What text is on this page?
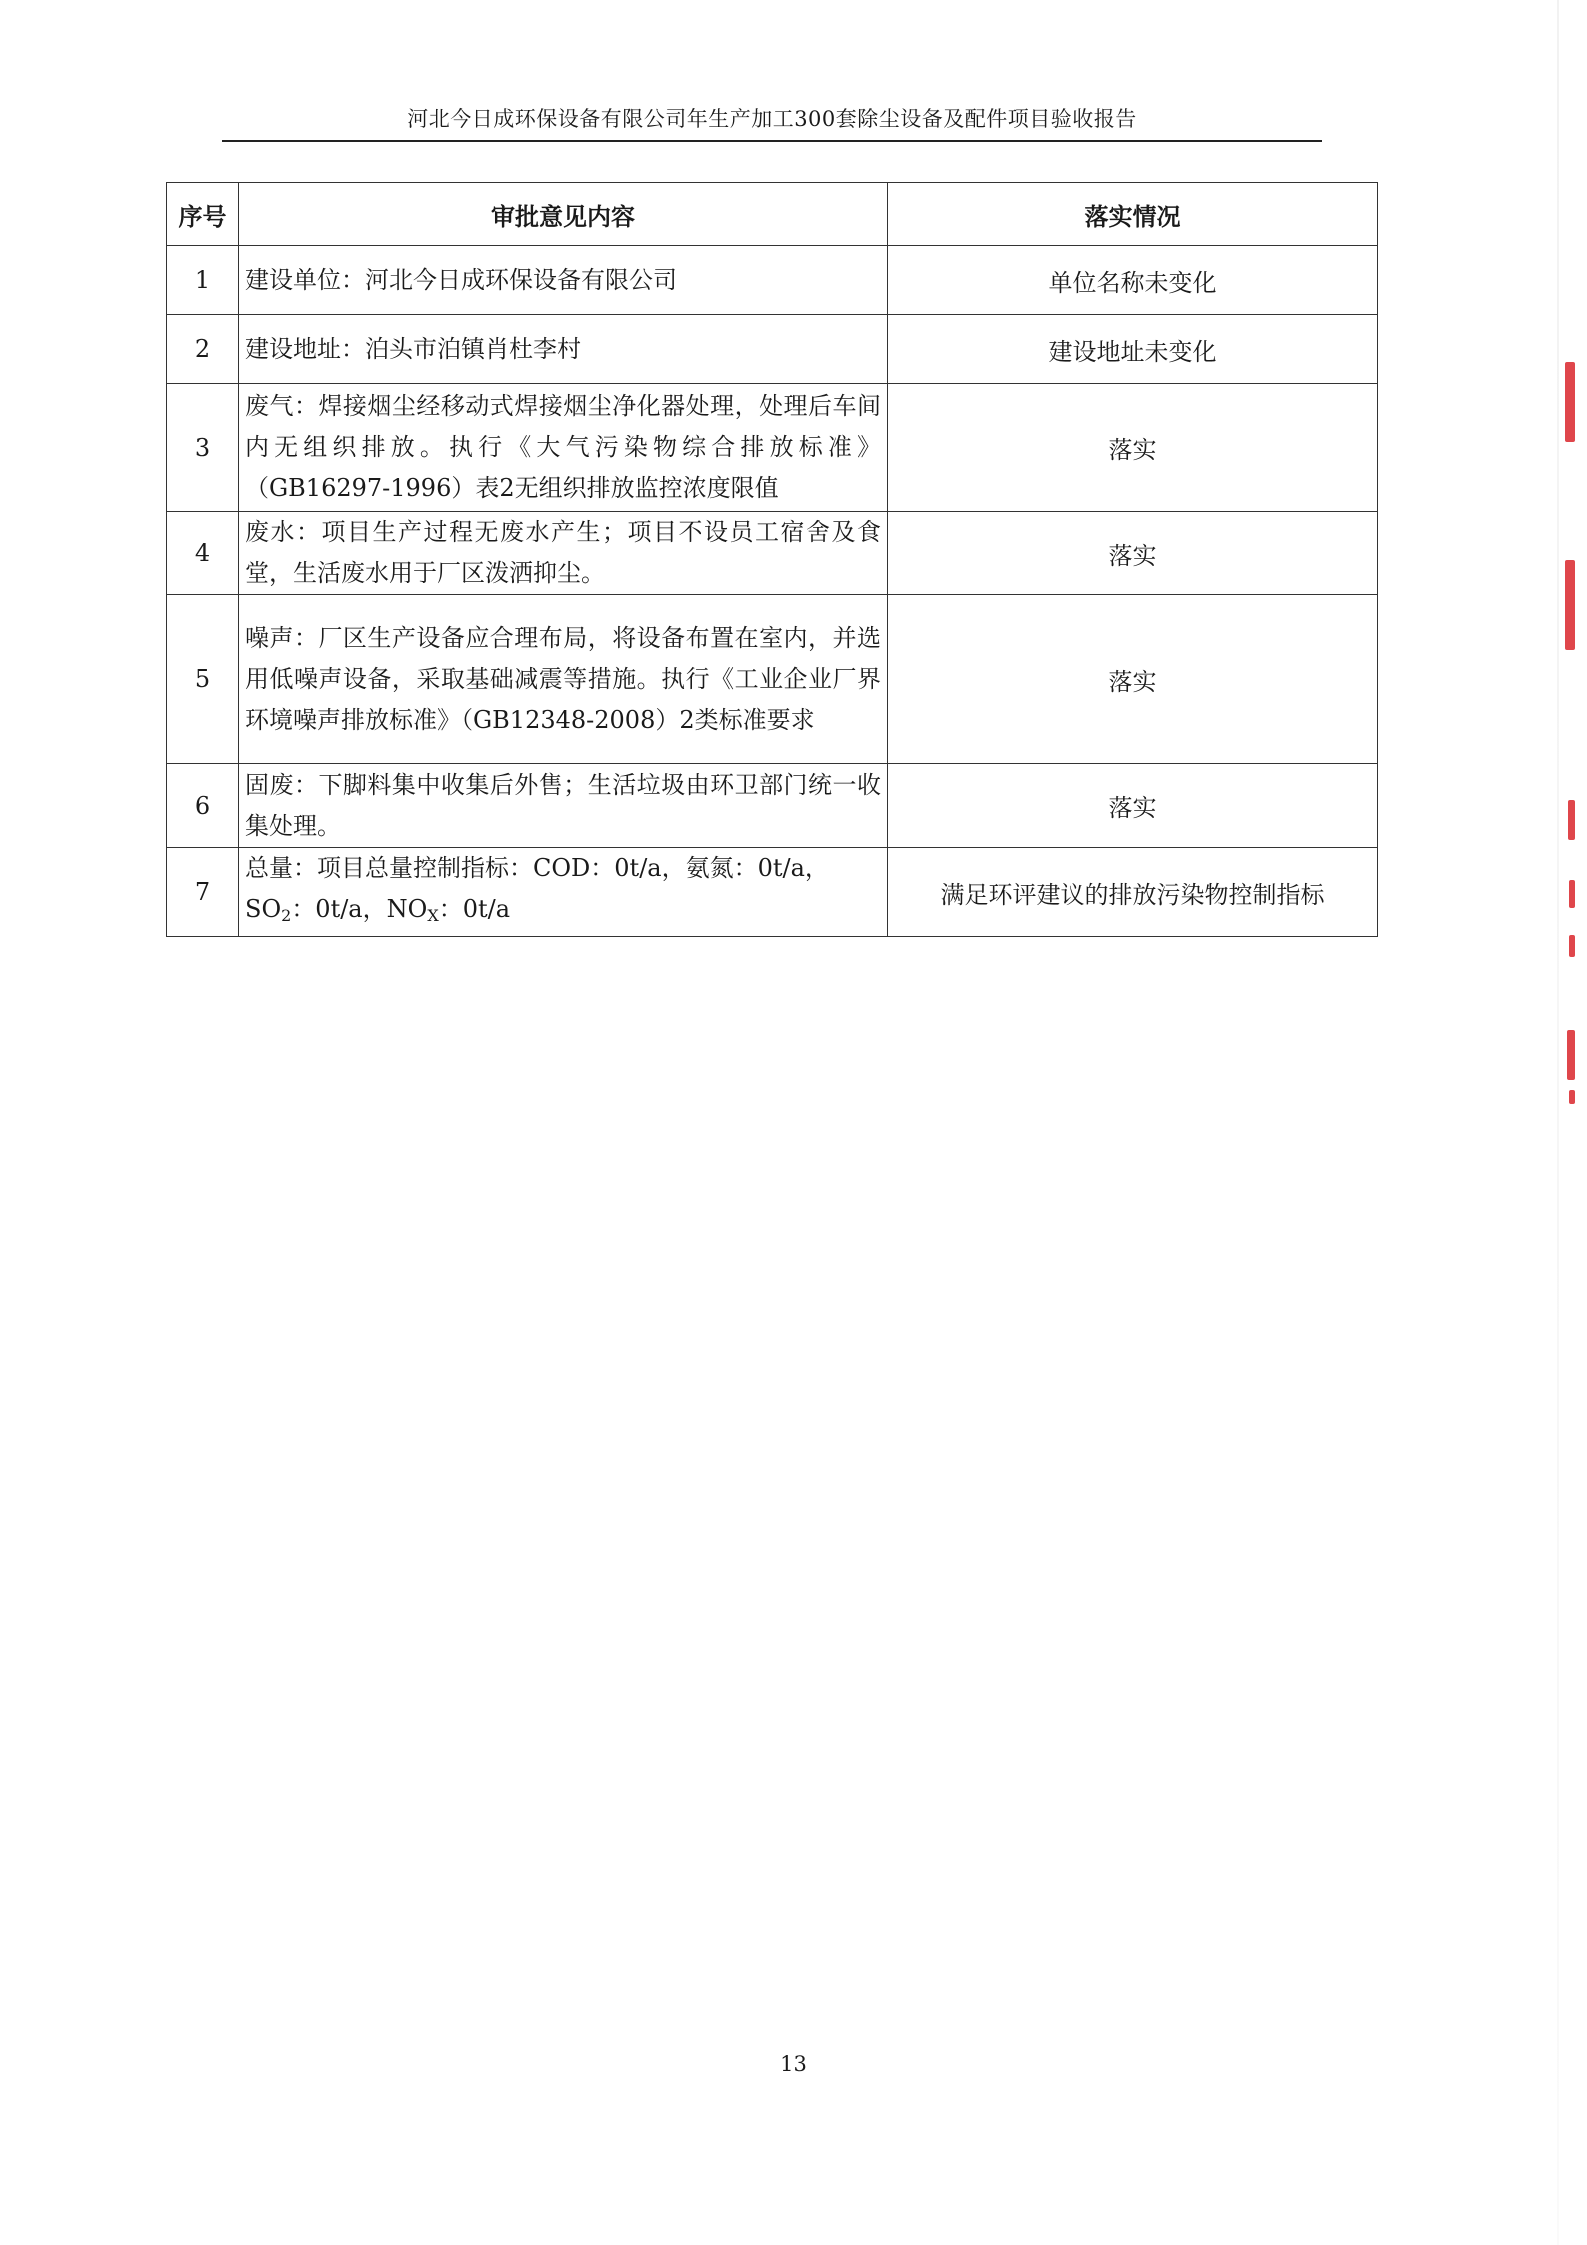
河北今日成环保设备有限公司年生产加工300套除尘设备及配件项目验收报告
序号	审批意见内容	落实情况
1	建设单位：河北今日成环保设备有限公司	单位名称未变化
2	建设地址：泊头市泊镇肖杜李村	建设地址未变化
3	废气：焊接烟尘经移动式焊接烟尘净化器处理，处理后车间内无组织排放。执行《大气污染物综合排放标准》（GB16297-1996）表2无组织排放监控浓度限值	落实
4	废水：项目生产过程无废水产生；项目不设员工宿舍及食堂，生活废水用于厂区泼洒抑尘。	落实
5	噪声：厂区生产设备应合理布局，将设备布置在室内，并选用低噪声设备，采取基础减震等措施。执行《工业企业厂界环境噪声排放标准》（GB12348-2008）2类标准要求	落实
6	固废：下脚料集中收集后外售；生活垃圾由环卫部门统一收集处理。	落实
7	总量：项目总量控制指标：COD：0t/a，氨氮：0t/a，
$SO_2$：0t/a，$NO_X$：0t/a	满足环评建议的排放污染物控制指标
13
